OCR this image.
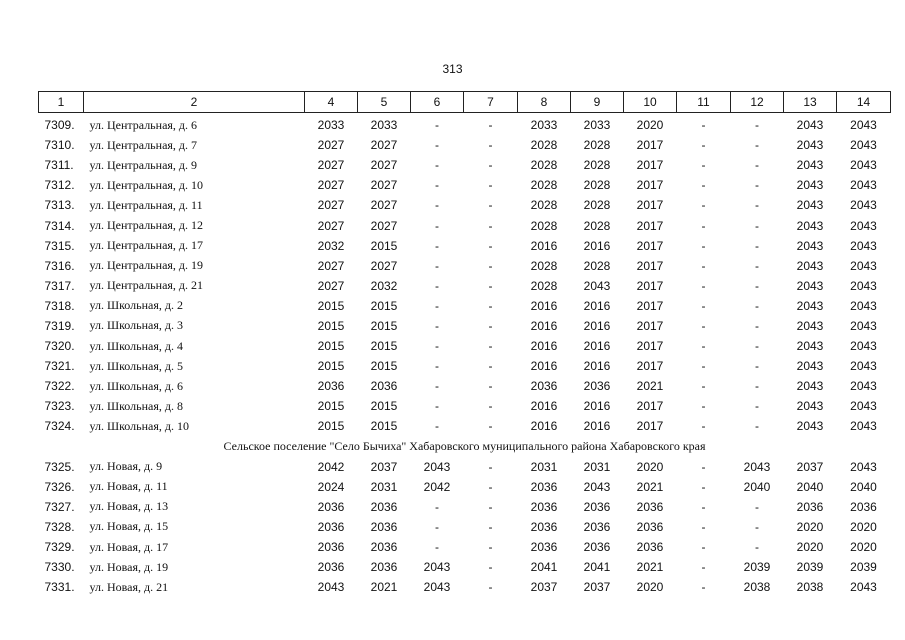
313
1	2	4	5	6	7	8	9	10	11	12	13	14
7309.	ул. Центральная, д. 6	2033	2033	-	-	2033	2033	2020	-	-	2043	2043
7310.	ул. Центральная, д. 7	2027	2027	-	-	2028	2028	2017	-	-	2043	2043
7311.	ул. Центральная, д. 9	2027	2027	-	-	2028	2028	2017	-	-	2043	2043
7312.	ул. Центральная, д. 10	2027	2027	-	-	2028	2028	2017	-	-	2043	2043
7313.	ул. Центральная, д. 11	2027	2027	-	-	2028	2028	2017	-	-	2043	2043
7314.	ул. Центральная, д. 12	2027	2027	-	-	2028	2028	2017	-	-	2043	2043
7315.	ул. Центральная, д. 17	2032	2015	-	-	2016	2016	2017	-	-	2043	2043
7316.	ул. Центральная, д. 19	2027	2027	-	-	2028	2028	2017	-	-	2043	2043
7317.	ул. Центральная, д. 21	2027	2032	-	-	2028	2043	2017	-	-	2043	2043
7318.	ул. Школьная, д. 2	2015	2015	-	-	2016	2016	2017	-	-	2043	2043
7319.	ул. Школьная, д. 3	2015	2015	-	-	2016	2016	2017	-	-	2043	2043
7320.	ул. Школьная, д. 4	2015	2015	-	-	2016	2016	2017	-	-	2043	2043
7321.	ул. Школьная, д. 5	2015	2015	-	-	2016	2016	2017	-	-	2043	2043
7322.	ул. Школьная, д. 6	2036	2036	-	-	2036	2036	2021	-	-	2043	2043
7323.	ул. Школьная, д. 8	2015	2015	-	-	2016	2016	2017	-	-	2043	2043
7324.	ул. Школьная, д. 10	2015	2015	-	-	2016	2016	2017	-	-	2043	2043
Сельское поселение "Село Бычиха" Хабаровского муниципального района Хабаровского края												
7325.	ул. Новая, д. 9	2042	2037	2043	-	2031	2031	2020	-	2043	2037	2043
7326.	ул. Новая, д. 11	2024	2031	2042	-	2036	2043	2021	-	2040	2040	2040
7327.	ул. Новая, д. 13	2036	2036	-	-	2036	2036	2036	-	-	2036	2036
7328.	ул. Новая, д. 15	2036	2036	-	-	2036	2036	2036	-	-	2020	2020
7329.	ул. Новая, д. 17	2036	2036	-	-	2036	2036	2036	-	-	2020	2020
7330.	ул. Новая, д. 19	2036	2036	2043	-	2041	2041	2021	-	2039	2039	2039
7331.	ул. Новая, д. 21	2043	2021	2043	-	2037	2037	2020	-	2038	2038	2043
